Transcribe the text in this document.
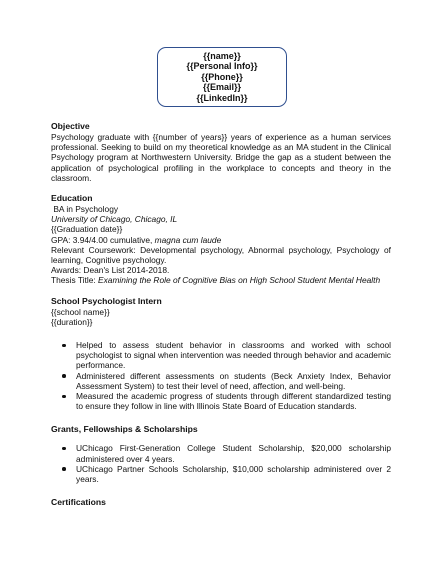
{{name}}
{{Personal Info}}
{{Phone}}
{{Email}}
{{LinkedIn}}
Objective

Psychology graduate with {{number of years}} years of experience as a human services professional. Seeking to build on my theoretical knowledge as an MA student in the Clinical Psychology program at Northwestern University. Bridge the gap as a student between the application of psychological profiling in the workplace to concepts and theory in the classroom.

Education
BA in Psychology
University of Chicago, Chicago, IL
{{Graduation date}}
GPA: 3.94/4.00 cumulative, magna cum laude

Relevant Coursework: Developmental psychology, Abnormal psychology, Psychology of learning, Cognitive psychology.

Awards: Dean's List 2014-2018.

Thesis Title: Examining the Role of Cognitive Bias on High School Student Mental Health

School Psychologist Intern
{{school name}}
{{duration}}
Helped to assess student behavior in classrooms and worked with school psychologist to signal when intervention was needed through behavior and academic performance.
Administered different assessments on students (Beck Anxiety Index, Behavior Assessment System) to test their level of need, affection, and well-being.
Measured the academic progress of students through different standardized testing to ensure they follow in line with Illinois State Board of Education standards.
Grants, Fellowships & Scholarships
UChicago First-Generation College Student Scholarship, $20,000 scholarship administered over 4 years.
UChicago Partner Schools Scholarship, $10,000 scholarship administered over 2 years.
Certifications
